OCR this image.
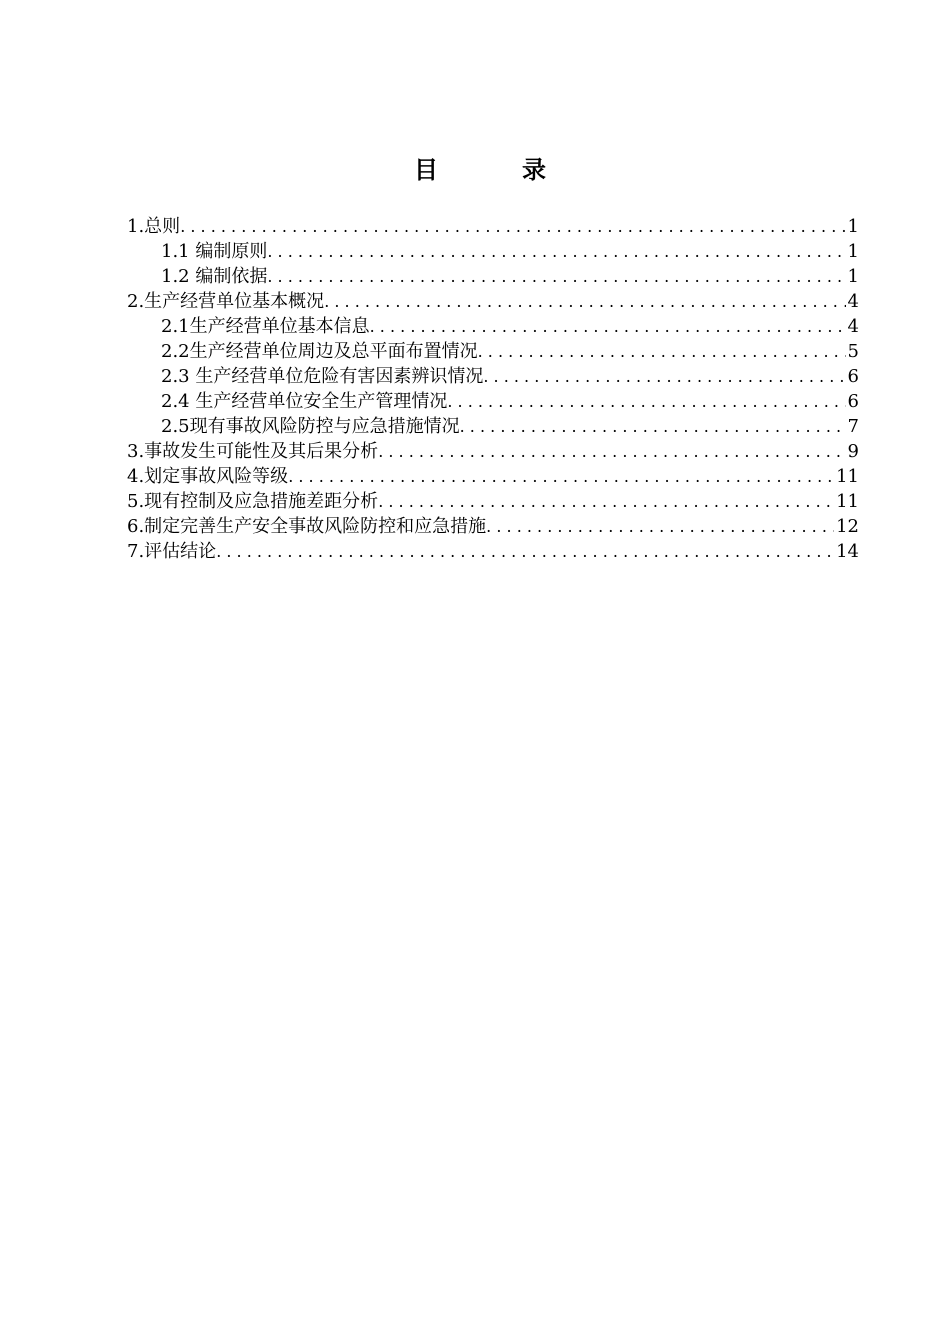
目　录
1.总则 . . .	1
1.1 编制原则 . . .	1
1.2 编制依据 . . .	1
2.生产经营单位基本概况 . . .	4
2.1生产经营单位基本信息 . . .	4
2.2生产经营单位周边及总平面布置情况 . . .	5
2.3 生产经营单位危险有害因素辨识情况 . . .	6
2.4 生产经营单位安全生产管理情况 . . .	6
2.5现有事故风险防控与应急措施情况 . . .	7
3.事故发生可能性及其后果分析 . . .	9
4.划定事故风险等级 . . .	11
5.现有控制及应急措施差距分析 . . .	11
6.制定完善生产安全事故风险防控和应急措施 . . .	12
7.评估结论 . . .	14
